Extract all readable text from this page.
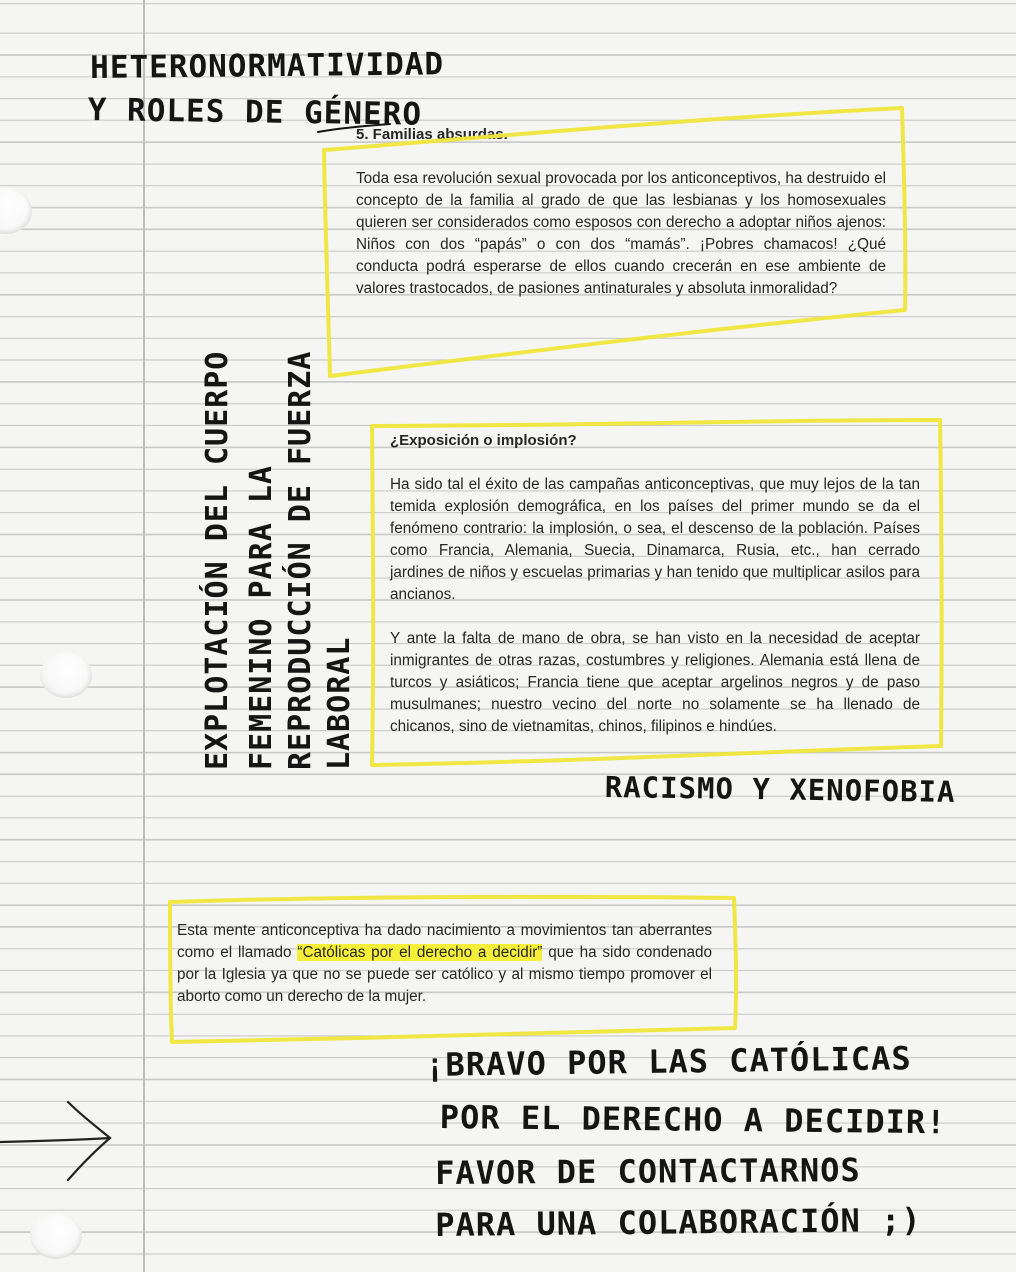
HETERONORMATIVIDAD
Y ROLES DE GÉNERO

5. Familias absurdas.

Toda esa revolución sexual provocada por los anticonceptivos, ha destruido el concepto de la familia al grado de que las lesbianas y los homosexuales quieren ser considerados como esposos con derecho a adoptar niños ajenos: Niños con dos “papás” o con dos “mamás”. ¡Pobres chamacos! ¿Qué conducta podrá esperarse de ellos cuando crecerán en ese ambiente de valores trastocados, de pasiones antinaturales y absoluta inmoralidad?

EXPLOTACIÓN DEL CUERPO FEMENINO PARA LA REPRODUCCIÓN DE FUERZA LABORAL

¿Exposición o implosión?

Ha sido tal el éxito de las campañas anticonceptivas, que muy lejos de la tan temida explosión demográfica, en los países del primer mundo se da el fenómeno contrario: la implosión, o sea, el descenso de la población. Países como Francia, Alemania, Suecia, Dinamarca, Rusia, etc., han cerrado jardines de niños y escuelas primarias y han tenido que multiplicar asilos para ancianos.

Y ante la falta de mano de obra, se han visto en la necesidad de aceptar inmigrantes de otras razas, costumbres y religiones. Alemania está llena de turcos y asiáticos; Francia tiene que aceptar argelinos negros y de paso musulmanes; nuestro vecino del norte no solamente se ha llenado de chicanos, sino de vietnamitas, chinos, filipinos e hindúes.

RACISMO Y XENOFOBIA

Esta mente anticonceptiva ha dado nacimiento a movimientos tan aberrantes como el llamado “Católicas por el derecho a decidir” que ha sido condenado por la Iglesia ya que no se puede ser católico y al mismo tiempo promover el aborto como un derecho de la mujer.

¡BRAVO POR LAS CATÓLICAS
POR EL DERECHO A DECIDIR!
FAVOR DE CONTACTARNOS
PARA UNA COLABORACIÓN ;)
